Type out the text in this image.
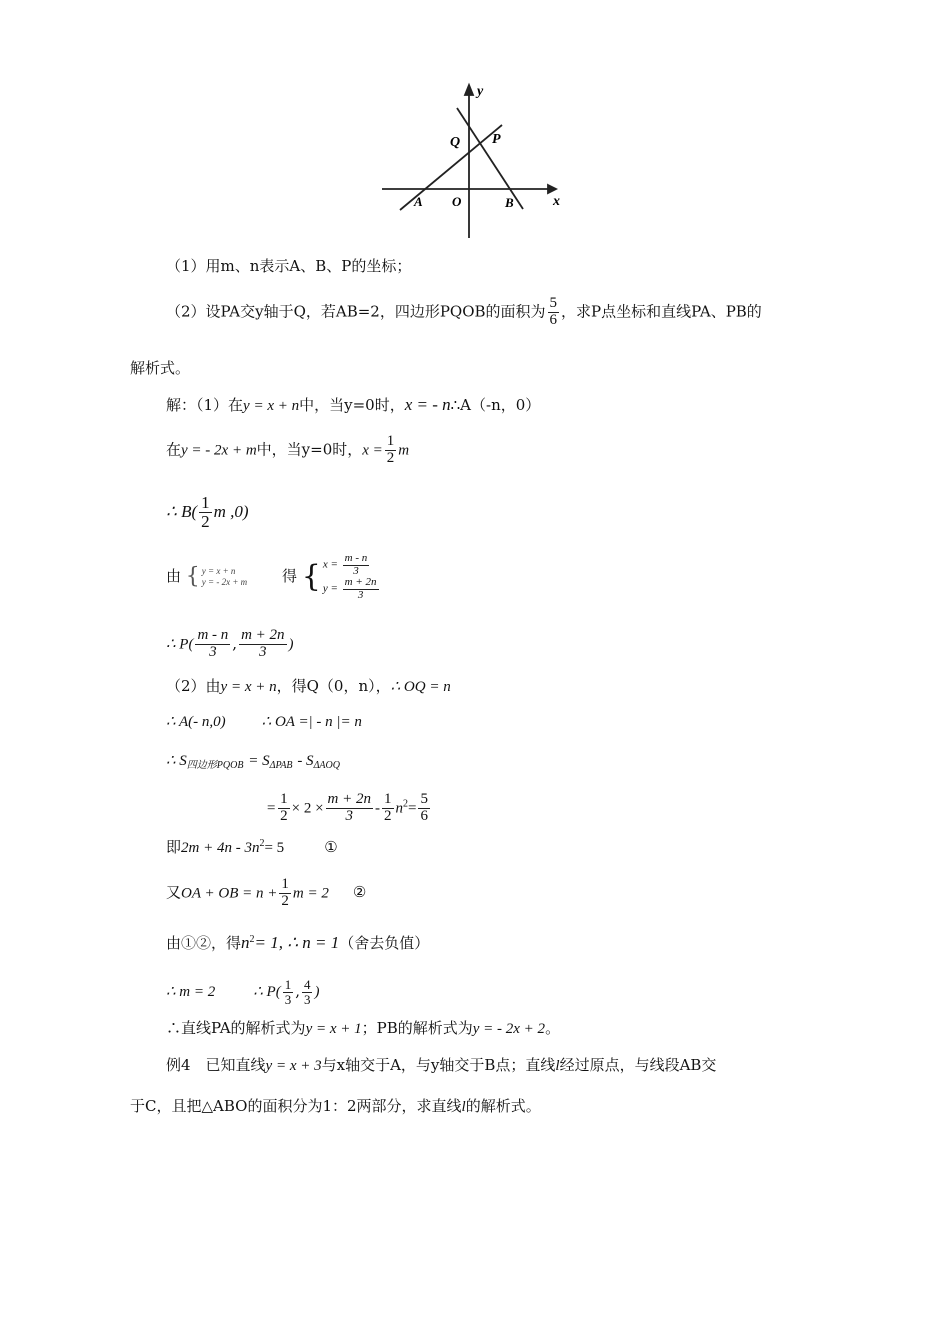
y
Q P
A O	B	x
（1）用m、n表示A、B、P的坐标；
（2）设PA交y轴于Q，若AB=2，四边形PQOB的面积为 $\frac{5}{6}$ ，求P点坐标和直线PA、PB的
解析式。
解：（1）在y = x + n中，当y=0时，x = - n∴A（-n，0）
在y = - 2x + m中，当y=0时，$x = \frac{1}{2}$ m
∴ $B( \frac{1}{2}$ m ,0)
由 { y = x + n
y = - 2x + m 得 { $x = \frac{m - n}{3}$
$y = \frac{m + 2n}{3}$
∴ $P( \frac{m - n}{3}$ , $\frac{m + 2n}{3}$ )
（2）由y = x + n，得Q（0，n），∴ OQ = n
∴ A(- n,0) ∴ OA =| - n |= n
∴ $S_{四边形PQOB} = S_{\Delta PAB} - S_{\Delta AOQ}$
= $\frac{1}{2} \times 2 \times \frac{m + 2n}{3} - \frac{1}{2} n^2= \frac{5}{6}$
即$2m + 4n - 3n^2= 5$	①
又OA + OB = $n + \frac{1}{2}$ m = 2 ②
由①②，得$n^2= 1$, ∴ n = 1（舍去负值）
∴ m = 2	∴ $P( \frac{1}{3}$ , $\frac{4}{3}$ )
∴直线PA的解析式为y = x + 1；PB的解析式为y = - 2x + 2。
例4　已知直线y = x + 3与x轴交于A，与y轴交于B点；直线l经过原点，与线段AB交
于C，且把△ABO的面积分为1：2两部分，求直线l的解析式。
